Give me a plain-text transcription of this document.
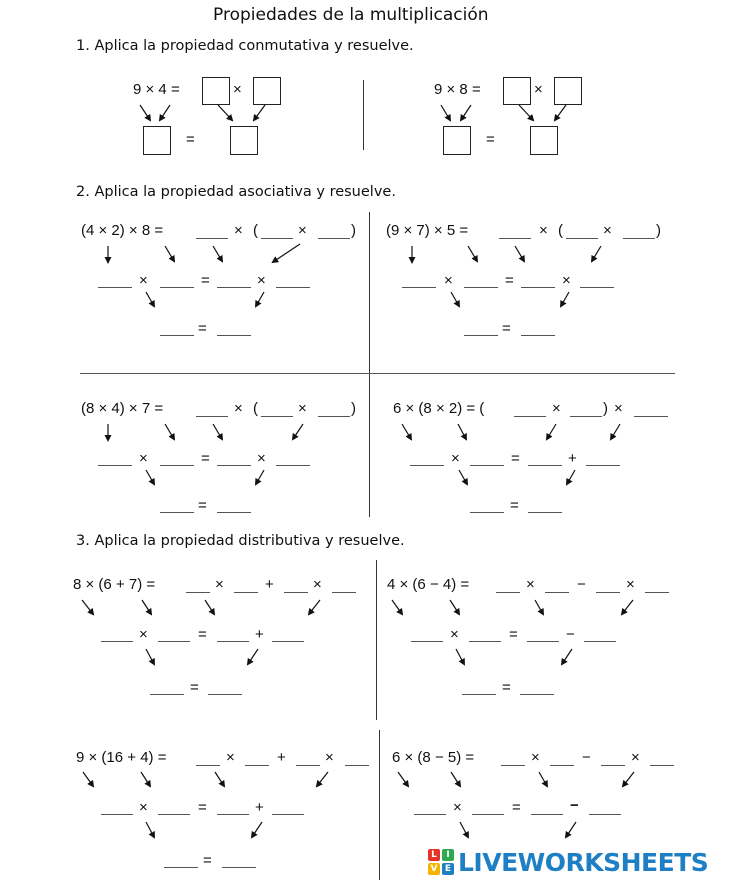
Propiedades de la multiplicación
1. Aplica la propiedad conmutativa y resuelve.
9 × 4 =	×
=
9 × 8 =	×
=
2. Aplica la propiedad asociativa y resuelve.
(4 × 2) × 8 =	× (	×	)
×	=	×
=
(9 × 7) × 5 =	× (	×	)
×	=	×
=
(8 × 4) × 7 =	× (	×	)
×	=	×
=
6 × (8 × 2) = (	×	) ×
×	=	+
=
3. Aplica la propiedad distributiva y resuelve.
8 × (6 + 7) =	×	+	×
×	=	+
=
4 × (6 − 4) =	×	−	×
×	=	−
=
9 × (16 + 4) =	×	+	×
×	=	+
=
6 × (8 − 5) =	×	−	×
×	=	−
L	I
V E LIVEWORKSHEETS
